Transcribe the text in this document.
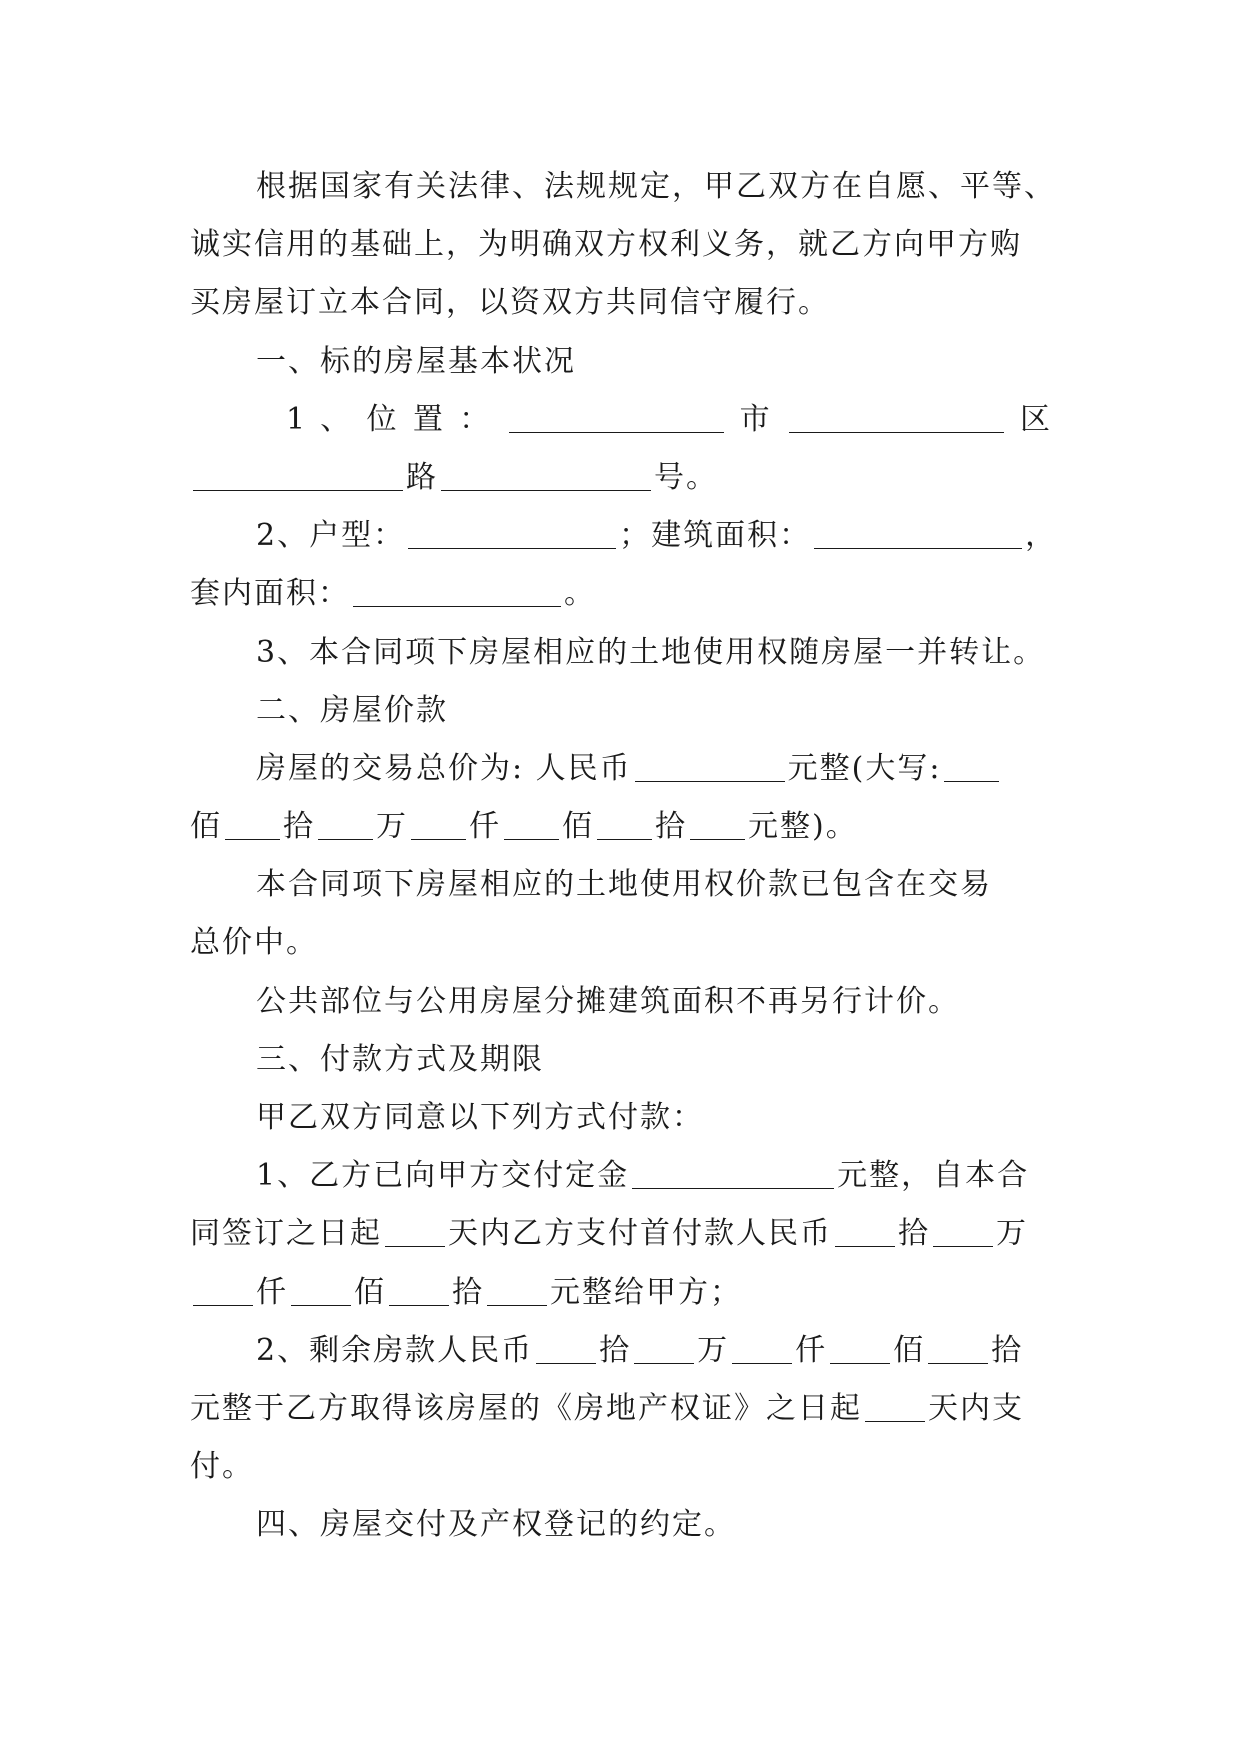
根据国家有关法律、法规规定，甲乙双方在自愿、平等、
诚实信用的基础上，为明确双方权利义务，就乙方向甲方购
买房屋订立本合同，以资双方共同信守履行。
一、标的房屋基本状况
1 、 位 置 ：	市	区
路	号。
2、户型：	；建筑面积：	，
套内面积：	。
3、本合同项下房屋相应的土地使用权随房屋一并转让。
二、房屋价款
房屋的交易总价为: 人民币	元整(大写:
佰 拾 万 仟 佰 拾 元整)。
本合同项下房屋相应的土地使用权价款已包含在交易
总价中。
公共部位与公用房屋分摊建筑面积不再另行计价。
三、付款方式及期限
甲乙双方同意以下列方式付款：
1、乙方已向甲方交付定金	元整，自本合
同签订之日起 天内乙方支付首付款人民币 拾 万
仟 佰 拾 元整给甲方；
2、剩余房款人民币 拾 万 仟 佰 拾
元整于乙方取得该房屋的《房地产权证》之日起 天内支
付。
四、房屋交付及产权登记的约定。
